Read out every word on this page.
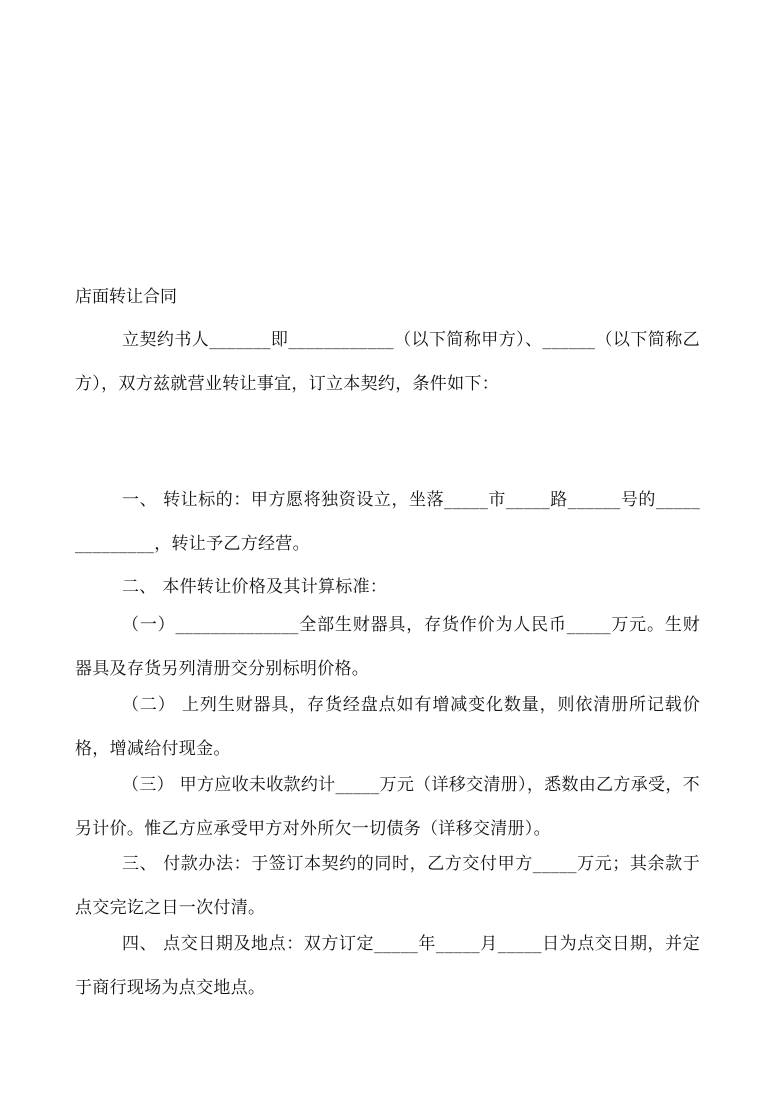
店面转让合同

立契约书人_______即____________（以下简称甲方）、______（以下简称乙方），双方兹就营业转让事宜，订立本契约，条件如下：

一、 转让标的：甲方愿将独资设立，坐落_____市_____路______号的______________，转让予乙方经营。

二、 本件转让价格及其计算标准：

（一）______________全部生财器具，存货作价为人民币_____万元。生财器具及存货另列清册交分别标明价格。

（二） 上列生财器具，存货经盘点如有增减变化数量，则依清册所记载价格，增减给付现金。

（三） 甲方应收未收款约计_____万元（详移交清册），悉数由乙方承受，不另计价。惟乙方应承受甲方对外所欠一切债务（详移交清册）。

三、 付款办法：于签订本契约的同时，乙方交付甲方_____万元；其余款于点交完讫之日一次付清。

四、 点交日期及地点：双方订定_____年_____月_____日为点交日期，并定于商行现场为点交地点。
